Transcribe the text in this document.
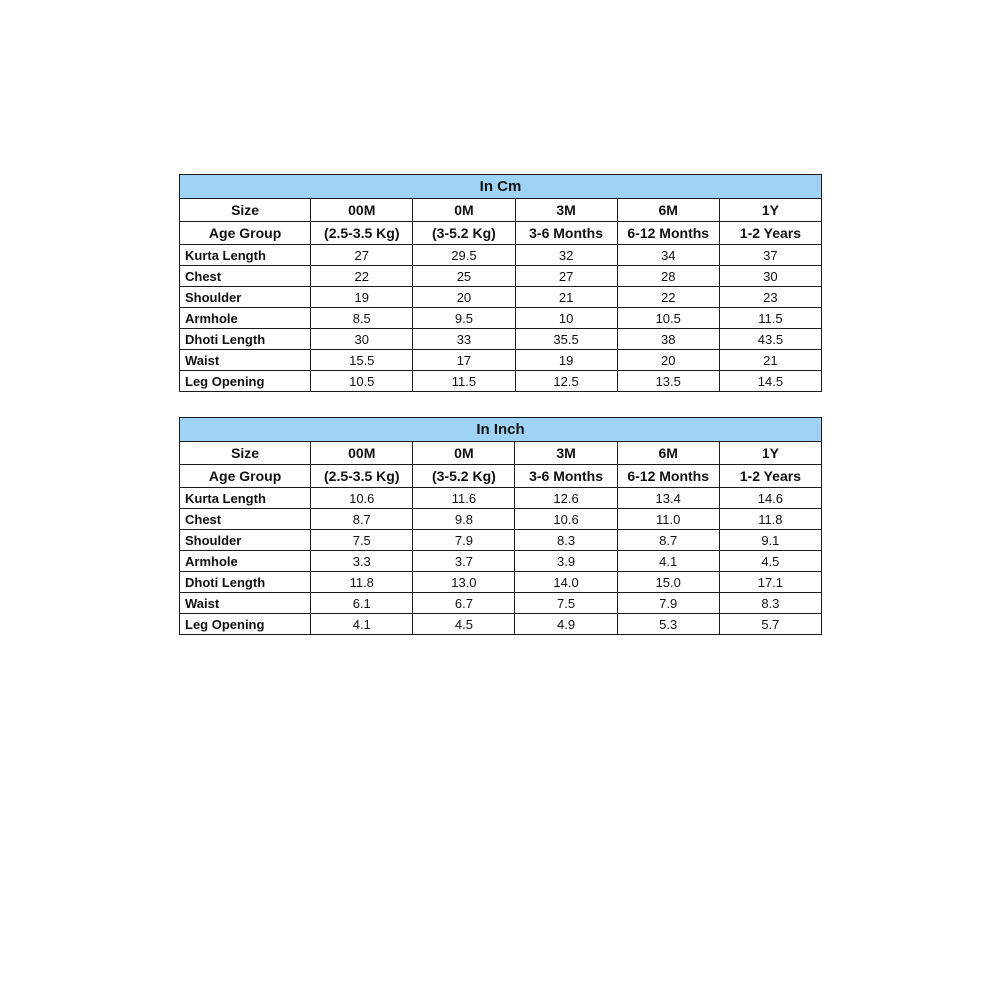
In Cm					
Size	00M	0M	3M	6M	1Y
Age Group	(2.5-3.5 Kg)	(3-5.2 Kg)	3-6 Months	6-12 Months	1-2 Years
Kurta Length	27	29.5	32	34	37
Chest	22	25	27	28	30
Shoulder	19	20	21	22	23
Armhole	8.5	9.5	10	10.5	11.5
Dhoti Length	30	33	35.5	38	43.5
Waist	15.5	17	19	20	21
Leg Opening	10.5	11.5	12.5	13.5	14.5
In Inch					
Size	00M	0M	3M	6M	1Y
Age Group	(2.5-3.5 Kg)	(3-5.2 Kg)	3-6 Months	6-12 Months	1-2 Years
Kurta Length	10.6	11.6	12.6	13.4	14.6
Chest	8.7	9.8	10.6	11.0	11.8
Shoulder	7.5	7.9	8.3	8.7	9.1
Armhole	3.3	3.7	3.9	4.1	4.5
Dhoti Length	11.8	13.0	14.0	15.0	17.1
Waist	6.1	6.7	7.5	7.9	8.3
Leg Opening	4.1	4.5	4.9	5.3	5.7
